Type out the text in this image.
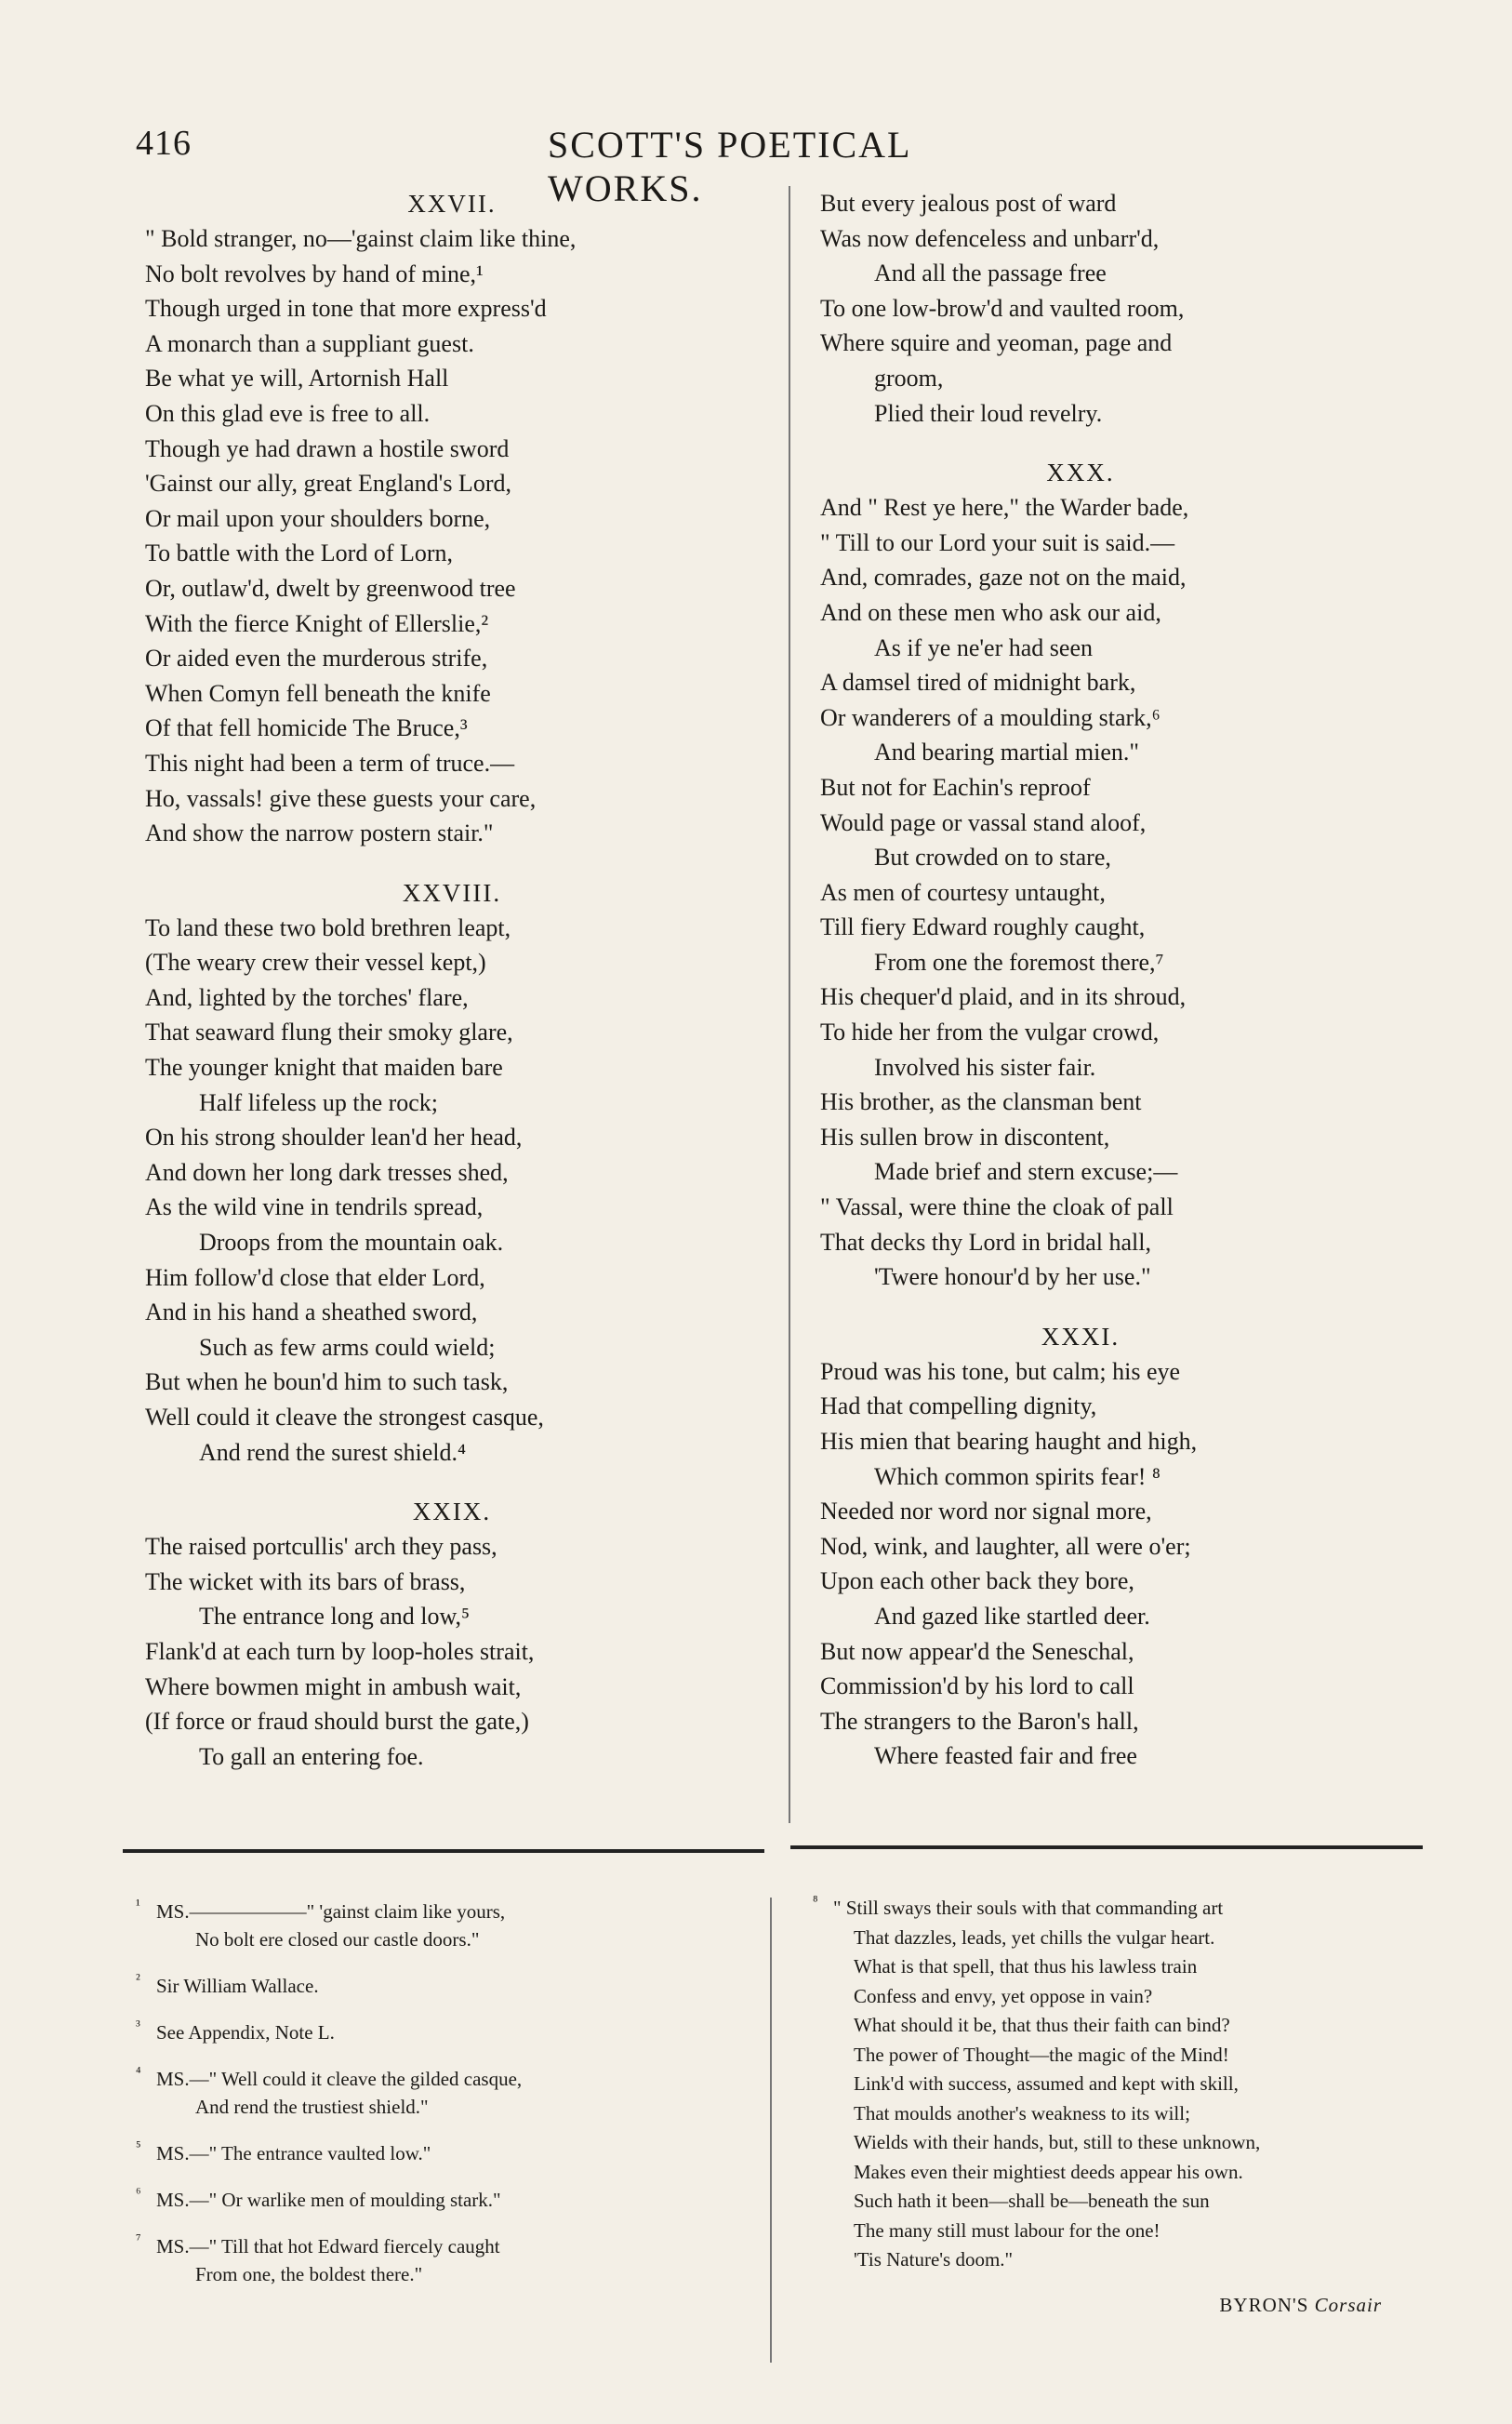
416	SCOTT'S POETICAL WORKS.
XXVII.
" Bold stranger, no—'gainst claim like thine,
No bolt revolves by hand of mine,¹
Though urged in tone that more express'd
A monarch than a suppliant guest.
Be what ye will, Artornish Hall
On this glad eve is free to all.
Though ye had drawn a hostile sword
'Gainst our ally, great England's Lord,
Or mail upon your shoulders borne,
To battle with the Lord of Lorn,
Or, outlaw'd, dwelt by greenwood tree
With the fierce Knight of Ellerslie,²
Or aided even the murderous strife,
When Comyn fell beneath the knife
Of that fell homicide The Bruce,³
This night had been a term of truce.—
Ho, vassals! give these guests your care,
And show the narrow postern stair."
XXVIII.
To land these two bold brethren leapt,
(The weary crew their vessel kept,)
And, lighted by the torches' flare,
That seaward flung their smoky glare,
The younger knight that maiden bare
Half lifeless up the rock;
On his strong shoulder lean'd her head,
And down her long dark tresses shed,
As the wild vine in tendrils spread,
Droops from the mountain oak.
Him follow'd close that elder Lord,
And in his hand a sheathed sword,
Such as few arms could wield;
But when he boun'd him to such task,
Well could it cleave the strongest casque,
And rend the surest shield.⁴
XXIX.
The raised portcullis' arch they pass,
The wicket with its bars of brass,
The entrance long and low,⁵
Flank'd at each turn by loop-holes strait,
Where bowmen might in ambush wait,
(If force or fraud should burst the gate,)
To gall an entering foe.
But every jealous post of ward
Was now defenceless and unbarr'd,
And all the passage free
To one low-brow'd and vaulted room,
Where squire and yeoman, page and
groom,
Plied their loud revelry.
XXX.
And " Rest ye here," the Warder bade,
" Till to our Lord your suit is said.—
And, comrades, gaze not on the maid,
And on these men who ask our aid,
As if ye ne'er had seen
A damsel tired of midnight bark,
Or wanderers of a moulding stark,⁶
And bearing martial mien."
But not for Eachin's reproof
Would page or vassal stand aloof,
But crowded on to stare,
As men of courtesy untaught,
Till fiery Edward roughly caught,
From one the foremost there,⁷
His chequer'd plaid, and in its shroud,
To hide her from the vulgar crowd,
Involved his sister fair.
His brother, as the clansman bent
His sullen brow in discontent,
Made brief and stern excuse;—
" Vassal, were thine the cloak of pall
That decks thy Lord in bridal hall,
'Twere honour'd by her use."
XXXI.
Proud was his tone, but calm; his eye
Had that compelling dignity,
His mien that bearing haught and high,
Which common spirits fear! ⁸
Needed nor word nor signal more,
Nod, wink, and laughter, all were o'er;
Upon each other back they bore,
And gazed like startled deer.
But now appear'd the Seneschal,
Commission'd by his lord to call
The strangers to the Baron's hall,
Where feasted fair and free
¹ MS.——————" 'gainst claim like yours,
No bolt ere closed our castle doors."
² Sir William Wallace.
³ See Appendix, Note L.
⁴ MS.—" Well could it cleave the gilded casque,
And rend the trustiest shield."
⁵ MS.—" The entrance vaulted low."
⁶ MS.—" Or warlike men of moulding stark."
⁷ MS.—" Till that hot Edward fiercely caught
From one, the boldest there."
⁸ " Still sways their souls with that commanding art
That dazzles, leads, yet chills the vulgar heart.
What is that spell, that thus his lawless train
Confess and envy, yet oppose in vain?
What should it be, that thus their faith can bind?
The power of Thought—the magic of the Mind!
Link'd with success, assumed and kept with skill,
That moulds another's weakness to its will;
Wields with their hands, but, still to these unknown,
Makes even their mightiest deeds appear his own.
Such hath it been—shall be—beneath the sun
The many still must labour for the one!
'Tis Nature's doom."
BYRON'S Corsair
